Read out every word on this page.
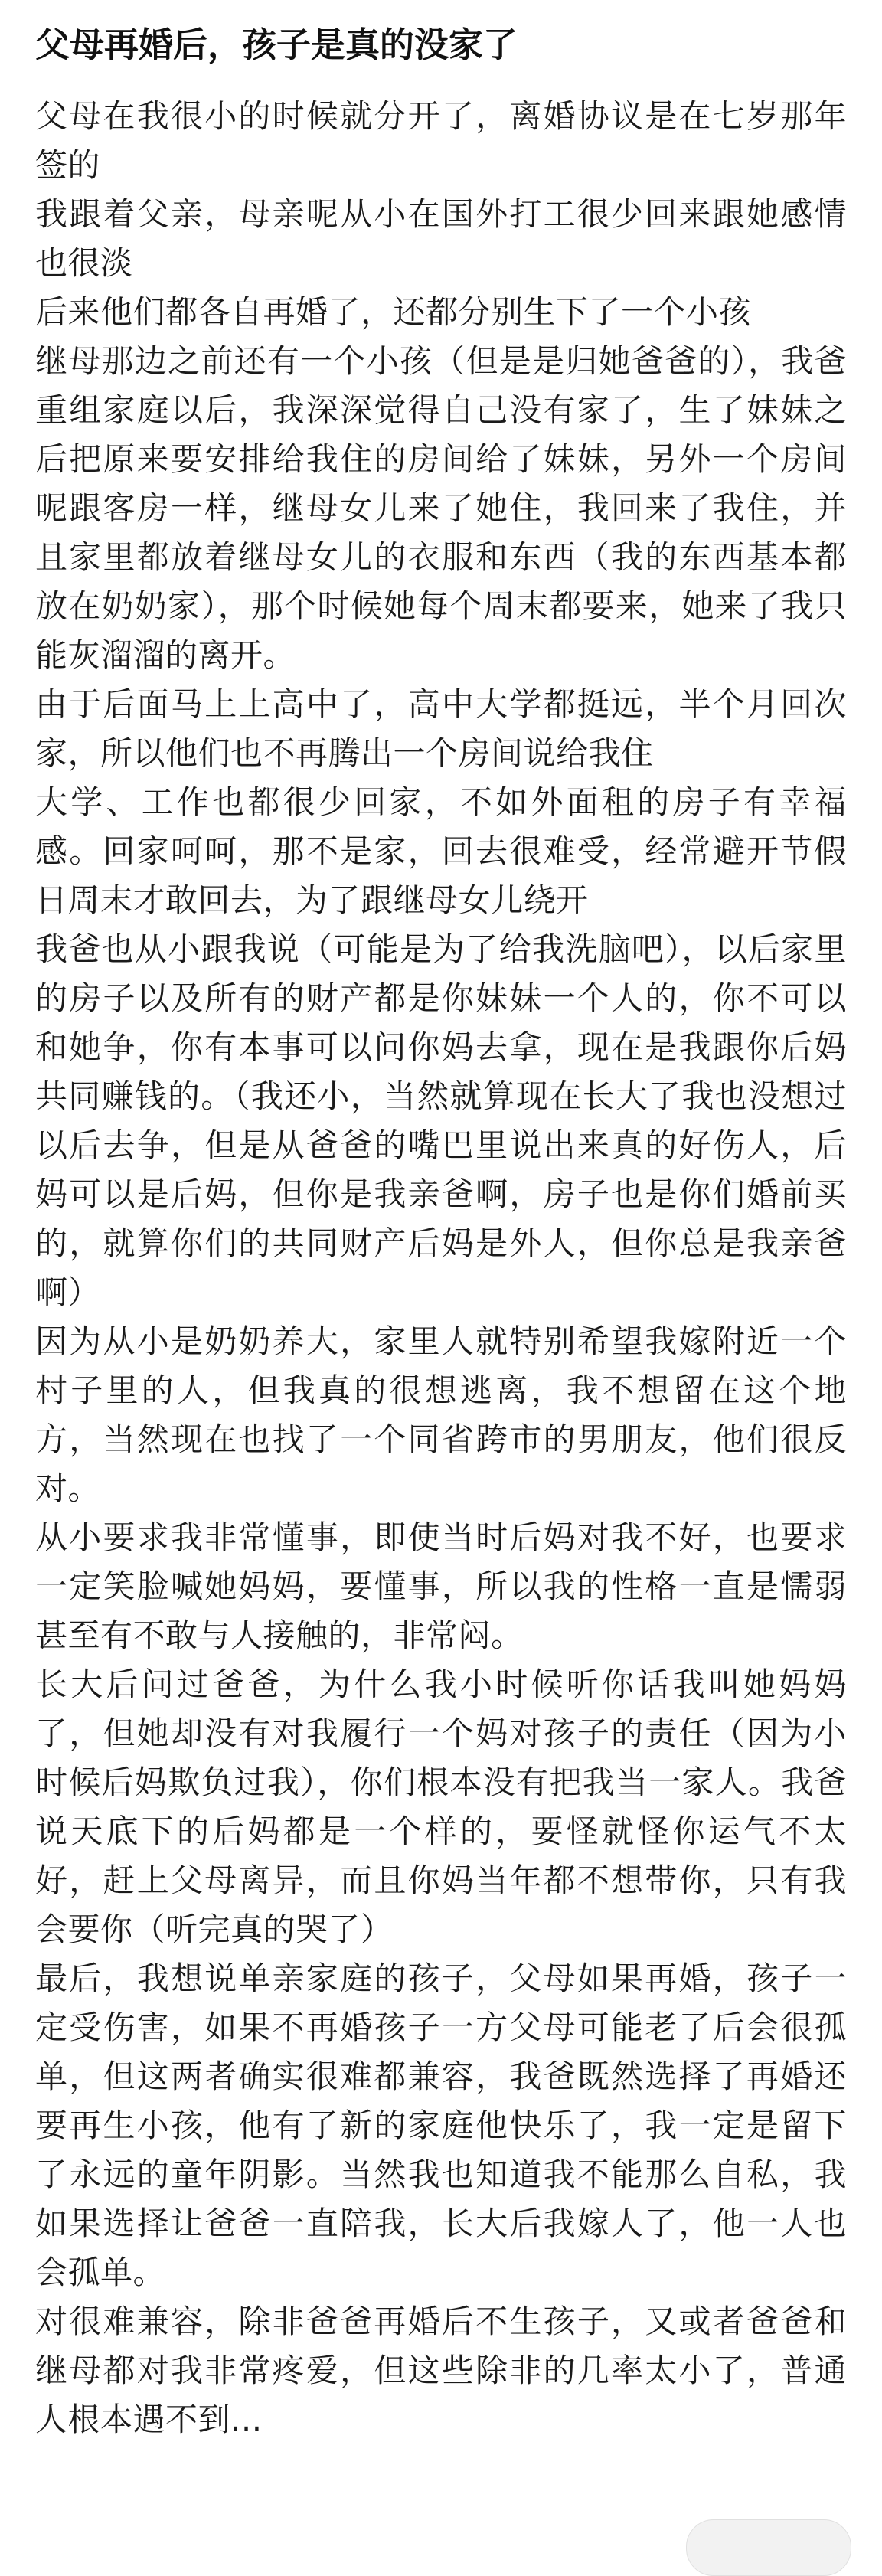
父母再婚后，孩子是真的没家了

父母在我很小的时候就分开了，离婚协议是在七岁那年签的

我跟着父亲，母亲呢从小在国外打工很少回来跟她感情也很淡

后来他们都各自再婚了，还都分别生下了一个小孩

继母那边之前还有一个小孩（但是是归她爸爸的），我爸重组家庭以后，我深深觉得自己没有家了，生了妹妹之后把原来要安排给我住的房间给了妹妹，另外一个房间呢跟客房一样，继母女儿来了她住，我回来了我住，并且家里都放着继母女儿的衣服和东西（我的东西基本都放在奶奶家），那个时候她每个周末都要来，她来了我只能灰溜溜的离开。

由于后面马上上高中了，高中大学都挺远，半个月回次家，所以他们也不再腾出一个房间说给我住

大学、工作也都很少回家，不如外面租的房子有幸福感。回家呵呵，那不是家，回去很难受，经常避开节假日周末才敢回去，为了跟继母女儿绕开

我爸也从小跟我说（可能是为了给我洗脑吧），以后家里的房子以及所有的财产都是你妹妹一个人的，你不可以和她争，你有本事可以问你妈去拿，现在是我跟你后妈共同赚钱的。（我还小，当然就算现在长大了我也没想过以后去争，但是从爸爸的嘴巴里说出来真的好伤人，后妈可以是后妈，但你是我亲爸啊，房子也是你们婚前买的，就算你们的共同财产后妈是外人，但你总是我亲爸啊）

因为从小是奶奶养大，家里人就特别希望我嫁附近一个村子里的人，但我真的很想逃离，我不想留在这个地方，当然现在也找了一个同省跨市的男朋友，他们很反对。

从小要求我非常懂事，即使当时后妈对我不好，也要求一定笑脸喊她妈妈，要懂事，所以我的性格一直是懦弱甚至有不敢与人接触的，非常闷。

长大后问过爸爸，为什么我小时候听你话我叫她妈妈了，但她却没有对我履行一个妈对孩子的责任（因为小时候后妈欺负过我），你们根本没有把我当一家人。我爸说天底下的后妈都是一个样的，要怪就怪你运气不太好，赶上父母离异，而且你妈当年都不想带你，只有我会要你（听完真的哭了）

最后，我想说单亲家庭的孩子，父母如果再婚，孩子一定受伤害，如果不再婚孩子一方父母可能老了后会很孤单，但这两者确实很难都兼容，我爸既然选择了再婚还要再生小孩，他有了新的家庭他快乐了，我一定是留下了永远的童年阴影。当然我也知道我不能那么自私，我如果选择让爸爸一直陪我，长大后我嫁人了，他一人也会孤单。

对很难兼容，除非爸爸再婚后不生孩子，又或者爸爸和继母都对我非常疼爱，但这些除非的几率太小了，普通人根本遇不到...
